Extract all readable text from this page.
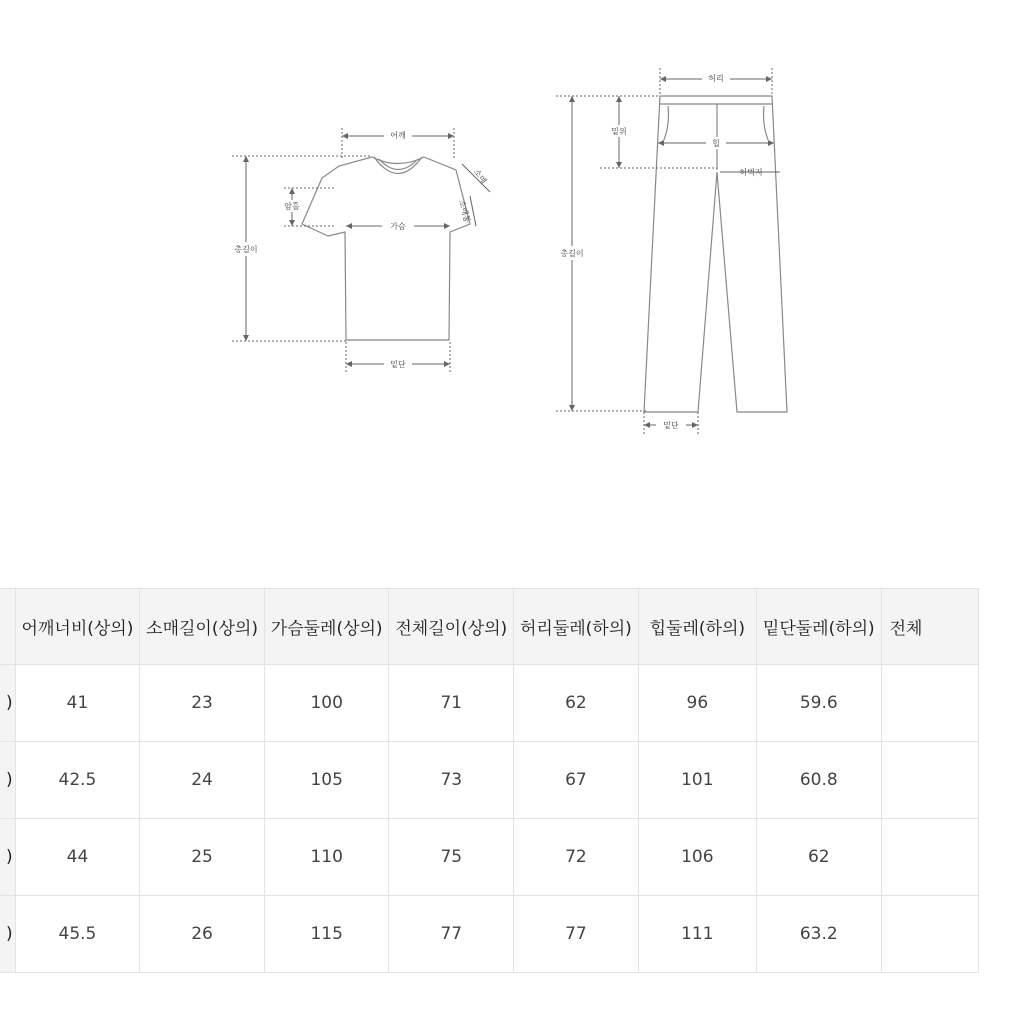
어깨
암홀
가슴
총길이
밑단
소매
소매통
허리
밑위
힙
허벅지
총길이
밑단
	어깨너비(상의)	소매길이(상의)	가슴둘레(상의)	전체길이(상의)	허리둘레(하의)	힙둘레(하의)	밑단둘레(하의)	전체
)	41	23	100	71	62	96	59.6	
)	42.5	24	105	73	67	101	60.8	
)	44	25	110	75	72	106	62	
)	45.5	26	115	77	77	111	63.2	
